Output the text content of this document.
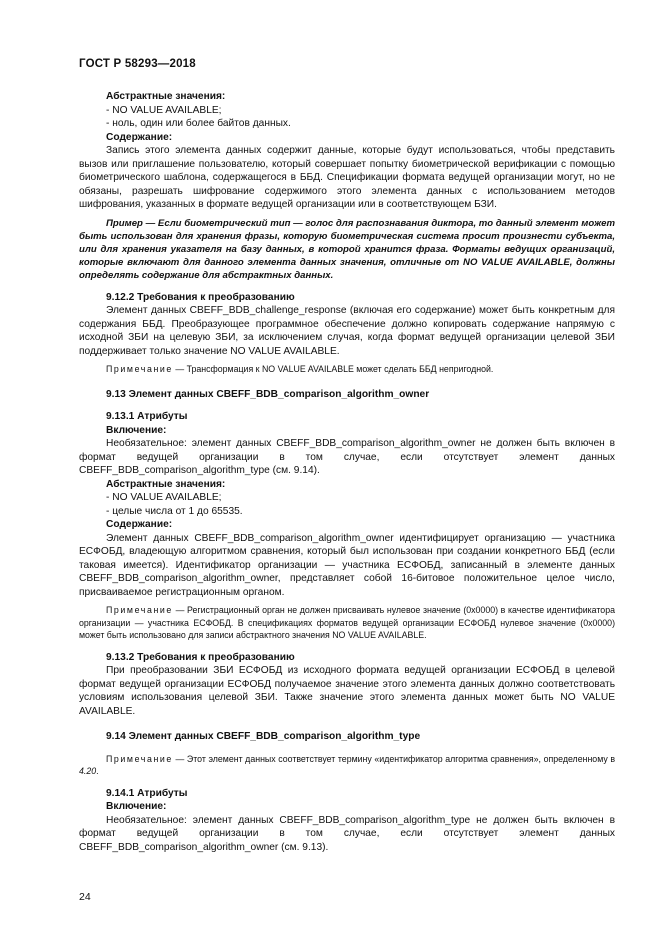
ГОСТ Р 58293—2018

Абстрактные значения:

- NO VALUE AVAILABLE;

- ноль, один или более байтов данных.

Содержание:

Запись этого элемента данных содержит данные, которые будут использоваться, чтобы представить вызов или приглашение пользователю, который совершает попытку биометрической верификации с помощью биометрического шаблона, содержащегося в ББД. Спецификации формата ведущей организации могут, но не обязаны, разрешать шифрование содержимого этого элемента данных с использованием методов шифрования, указанных в формате ведущей организации или в соответствующем БЗИ.

Пример — Если биометрический тип — голос для распознавания диктора, то данный элемент может быть использован для хранения фразы, которую биометрическая система просит произнести субъекта, или для хранения указателя на базу данных, в которой хранится фраза. Форматы ведущих организаций, которые включают для данного элемента данных значения, отличные от NO VALUE AVAILABLE, должны определять содержание для абстрактных данных.

9.12.2 Требования к преобразованию

Элемент данных CBEFF_BDB_challenge_response (включая его содержание) может быть конкретным для содержания ББД. Преобразующее программное обеспечение должно копировать содержание напрямую с исходной ЗБИ на целевую ЗБИ, за исключением случая, когда формат ведущей организации целевой ЗБИ поддерживает только значение NO VALUE AVAILABLE.

Примечание — Трансформация к NO VALUE AVAILABLE может сделать ББД непригодной.

9.13 Элемент данных CBEFF_BDB_comparison_algorithm_owner

9.13.1 Атрибуты

Включение:

Необязательное: элемент данных CBEFF_BDB_comparison_algorithm_owner не должен быть включен в формат ведущей организации в том случае, если отсутствует элемент данных CBEFF_BDB_comparison_algorithm_type (см. 9.14).

Абстрактные значения:

- NO VALUE AVAILABLE;

- целые числа от 1 до 65535.

Содержание:

Элемент данных CBEFF_BDB_comparison_algorithm_owner идентифицирует организацию — участника ЕСФОБД, владеющую алгоритмом сравнения, который был использован при создании конкретного ББД (если таковая имеется). Идентификатор организации — участника ЕСФОБД, записанный в элементе данных CBEFF_BDB_comparison_algorithm_owner, представляет собой 16-битовое положительное целое число, присваиваемое регистрационным органом.

Примечание — Регистрационный орган не должен присваивать нулевое значение (0x0000) в качестве идентификатора организации — участника ЕСФОБД. В спецификациях форматов ведущей организации ЕСФОБД нулевое значение (0x0000) может быть использовано для записи абстрактного значения NO VALUE AVAILABLE.

9.13.2 Требования к преобразованию

При преобразовании ЗБИ ЕСФОБД из исходного формата ведущей организации ЕСФОБД в целевой формат ведущей организации ЕСФОБД получаемое значение этого элемента данных должно соответствовать условиям использования целевой ЗБИ. Также значение этого элемента данных может быть NO VALUE AVAILABLE.

9.14 Элемент данных CBEFF_BDB_comparison_algorithm_type

Примечание — Этот элемент данных соответствует термину «идентификатор алгоритма сравнения», определенному в 4.20.

9.14.1 Атрибуты

Включение:

Необязательное: элемент данных CBEFF_BDB_comparison_algorithm_type не должен быть включен в формат ведущей организации в том случае, если отсутствует элемент данных CBEFF_BDB_comparison_algorithm_owner (см. 9.13).

24
